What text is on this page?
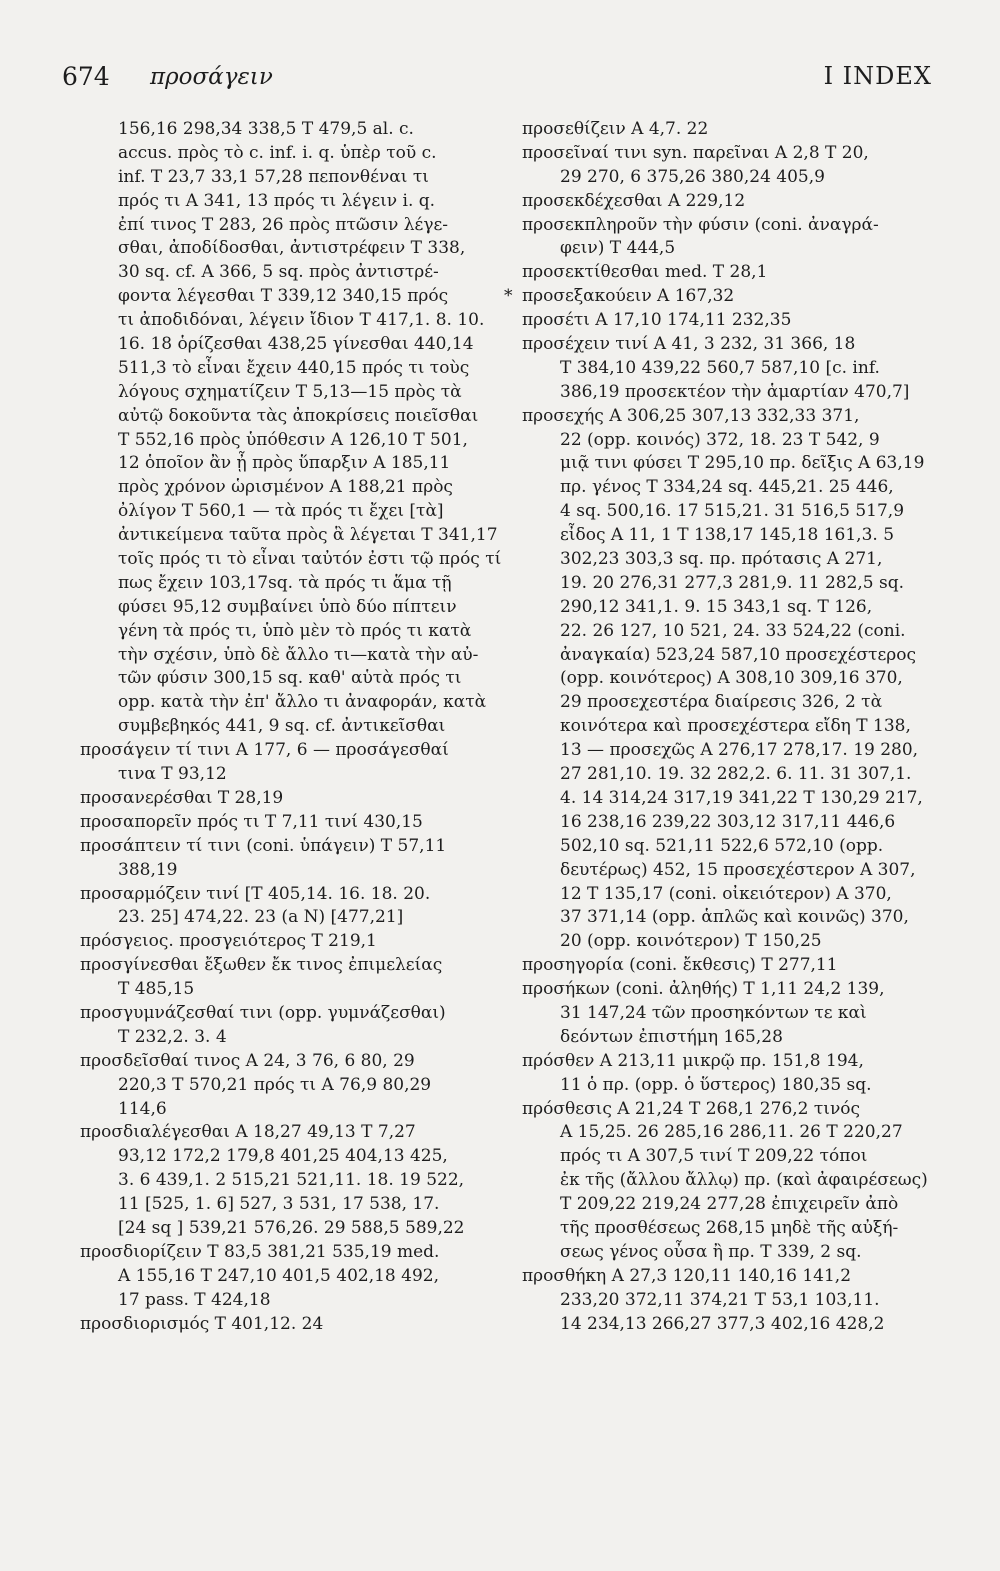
674 προσάγειν	I INDEX
156,16 298,34 338,5 T 479,5 al. c.
accus. πρὸς τὸ c. inf. i. q. ὑπὲρ τοῦ c.
inf. T 23,7 33,1 57,28 πεπονθέναι τι
πρός τι A 341, 13 πρός τι λέγειν i. q.
ἐπί τινος T 283, 26 πρὸς πτῶσιν λέγε-
σθαι, ἀποδίδοσθαι, ἀντιστρέφειν T 338,
30 sq. cf. A 366, 5 sq. πρὸς ἀντιστρέ-
φοντα λέγεσθαι T 339,12 340,15 πρός
τι ἀποδιδόναι, λέγειν ἴδιον T 417,1. 8. 10.
16. 18 ὁρίζεσθαι 438,25 γίνεσθαι 440,14
511,3 τὸ εἶναι ἔχειν 440,15 πρός τι τοὺς
λόγους σχηματίζειν T 5,13—15 πρὸς τὰ
αὐτῷ δοκοῦντα τὰς ἀποκρίσεις ποιεῖσθαι
T 552,16 πρὸς ὑπόθεσιν A 126,10 T 501,
12 ὁποῖον ἂν ᾖ πρὸς ὕπαρξιν A 185,11
πρὸς χρόνον ὡρισμένον A 188,21 πρὸς
ὀλίγον T 560,1 — τὰ πρός τι ἔχει [τὰ]
ἀντικείμενα ταῦτα πρὸς ἃ λέγεται T 341,17
τοῖς πρός τι τὸ εἶναι ταὐτόν ἐστι τῷ πρός τί
πως ἔχειν 103,17sq. τὰ πρός τι ἅμα τῇ
φύσει 95,12 συμβαίνει ὑπὸ δύο πίπτειν
γένη τὰ πρός τι, ὑπὸ μὲν τὸ πρός τι κατὰ
τὴν σχέσιν, ὑπὸ δὲ ἄλλο τι—κατὰ τὴν αὐ-
τῶν φύσιν 300,15 sq. καθ' αὑτὰ πρός τι
opp. κατὰ τὴν ἐπ' ἄλλο τι ἀναφοράν, κατὰ
συμβεβηκός 441, 9 sq. cf. ἀντικεῖσθαι
προσάγειν τί τινι A 177, 6 — προσάγεσθαί
τινα T 93,12
προσανερέσθαι T 28,19
προσαπορεῖν πρός τι T 7,11 τινί 430,15
προσάπτειν τί τινι (coni. ὑπάγειν) T 57,11
388,19
προσαρμόζειν τινί [T 405,14. 16. 18. 20.
23. 25] 474,22. 23 (a N) [477,21]
πρόσγειος. προσγειότερος T 219,1
προσγίνεσθαι ἔξωθεν ἔκ τινος ἐπιμελείας
T 485,15
προσγυμνάζεσθαί τινι (opp. γυμνάζεσθαι)
T 232,2. 3. 4
προσδεῖσθαί τινος A 24, 3 76, 6 80, 29
220,3 T 570,21 πρός τι A 76,9 80,29
114,6
προσδιαλέγεσθαι A 18,27 49,13 T 7,27
93,12 172,2 179,8 401,25 404,13 425,
3. 6 439,1. 2 515,21 521,11. 18. 19 522,
11 [525, 1. 6] 527, 3 531, 17 538, 17.
[24 sq ] 539,21 576,26. 29 588,5 589,22
προσδιορίζειν T 83,5 381,21 535,19 med.
A 155,16 T 247,10 401,5 402,18 492,
17 pass. T 424,18
προσδιορισμός T 401,12. 24
προσεθίζειν A 4,7. 22
προσεῖναί τινι syn. παρεῖναι A 2,8 T 20,
29 270, 6 375,26 380,24 405,9
προσεκδέχεσθαι A 229,12
προσεκπληροῦν τὴν φύσιν (coni. ἀναγρά-
φειν) T 444,5
προσεκτίθεσθαι med. T 28,1
* προσεξακούειν A 167,32
προσέτι A 17,10 174,11 232,35
προσέχειν τινί A 41, 3 232, 31 366, 18
T 384,10 439,22 560,7 587,10 [c. inf.
386,19 προσεκτέον τὴν ἁμαρτίαν 470,7]
προσεχής A 306,25 307,13 332,33 371,
22 (opp. κοινός) 372, 18. 23 T 542, 9
μιᾷ τινι φύσει T 295,10 πρ. δεῖξις A 63,19
πρ. γένος T 334,24 sq. 445,21. 25 446,
4 sq. 500,16. 17 515,21. 31 516,5 517,9
εἶδος A 11, 1 T 138,17 145,18 161,3. 5
302,23 303,3 sq. πρ. πρότασις A 271,
19. 20 276,31 277,3 281,9. 11 282,5 sq.
290,12 341,1. 9. 15 343,1 sq. T 126,
22. 26 127, 10 521, 24. 33 524,22 (coni.
ἀναγκαία) 523,24 587,10 προσεχέστερος
(opp. κοινότερος) A 308,10 309,16 370,
29 προσεχεστέρα διαίρεσις 326, 2 τὰ
κοινότερα καὶ προσεχέστερα εἴδη T 138,
13 — προσεχῶς A 276,17 278,17. 19 280,
27 281,10. 19. 32 282,2. 6. 11. 31 307,1.
4. 14 314,24 317,19 341,22 T 130,29 217,
16 238,16 239,22 303,12 317,11 446,6
502,10 sq. 521,11 522,6 572,10 (opp.
δευτέρως) 452, 15 προσεχέστερον A 307,
12 T 135,17 (coni. οἰκειότερον) A 370,
37 371,14 (opp. ἁπλῶς καὶ κοινῶς) 370,
20 (opp. κοινότερον) T 150,25
προσηγορία (coni. ἔκθεσις) T 277,11
προσήκων (coni. ἀληθής) T 1,11 24,2 139,
31 147,24 τῶν προσηκόντων τε καὶ
δεόντων ἐπιστήμη 165,28
πρόσθεν A 213,11 μικρῷ πρ. 151,8 194,
11 ὁ πρ. (opp. ὁ ὕστερος) 180,35 sq.
πρόσθεσις A 21,24 T 268,1 276,2 τινός
A 15,25. 26 285,16 286,11. 26 T 220,27
πρός τι A 307,5 τινί T 209,22 τόποι
ἐκ τῆς (ἄλλου ἄλλῳ) πρ. (καὶ ἀφαιρέσεως)
T 209,22 219,24 277,28 ἐπιχειρεῖν ἀπὸ
τῆς προσθέσεως 268,15 μηδὲ τῆς αὐξή-
σεως γένος οὖσα ἢ πρ. T 339, 2 sq.
προσθήκη A 27,3 120,11 140,16 141,2
233,20 372,11 374,21 T 53,1 103,11.
14 234,13 266,27 377,3 402,16 428,2
